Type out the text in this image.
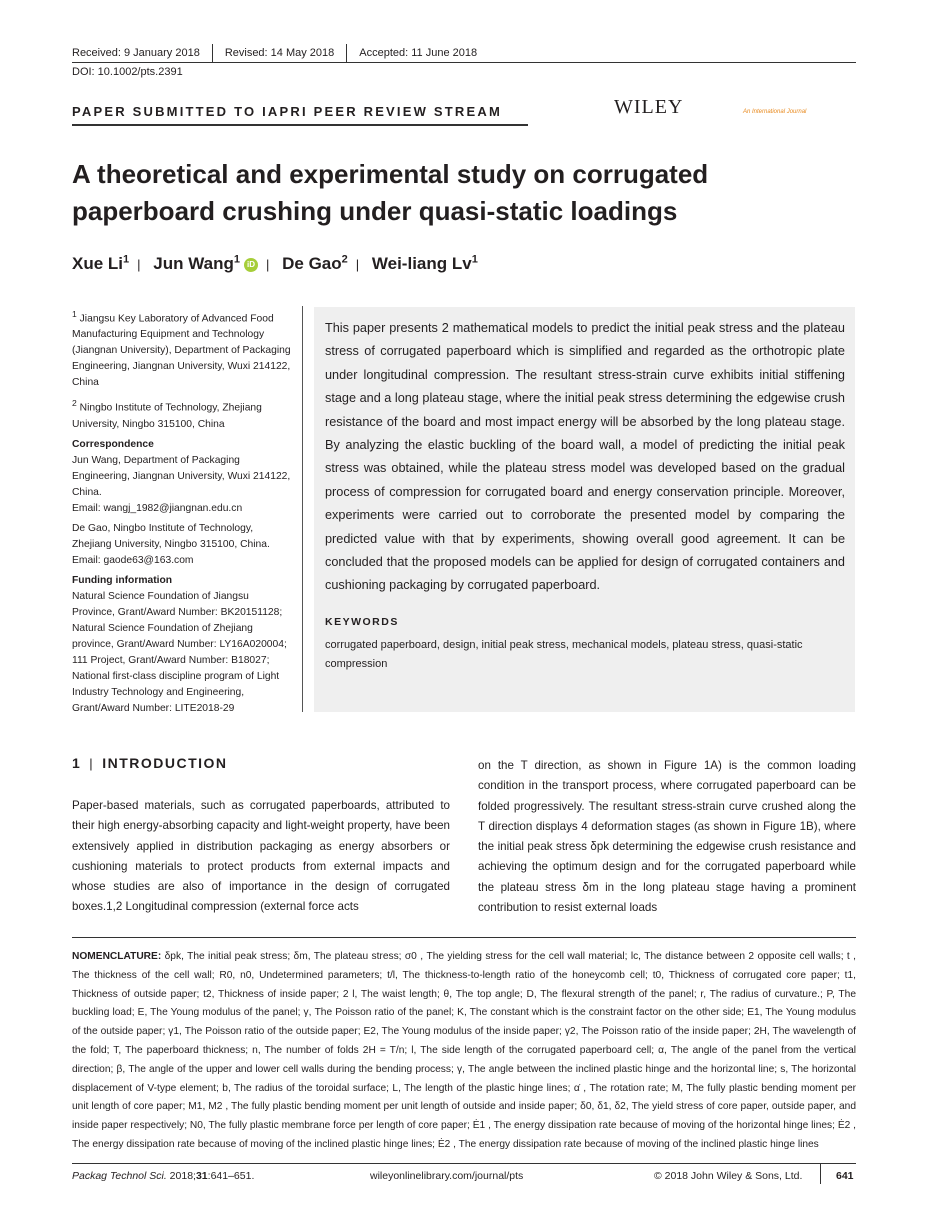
Received: 9 January 2018	Revised: 14 May 2018	Accepted: 11 June 2018
DOI: 10.1002/pts.2391
PAPER SUBMITTED TO IAPRI PEER REVIEW STREAM	WILEY	An International Journal
A theoretical and experimental study on corrugated paperboard crushing under quasi-static loadings
Xue Li$^1$ | Jun Wang$^1$ iD | De Gao$^2$ | Wei-liang Lv$^1$

$^1$ Jiangsu Key Laboratory of Advanced Food Manufacturing Equipment and Technology (Jiangnan University), Department of Packaging Engineering, Jiangnan University, Wuxi 214122, China

$^2$ Ningbo Institute of Technology, Zhejiang University, Ningbo 315100, China

Correspondence

Jun Wang, Department of Packaging Engineering, Jiangnan University, Wuxi 214122, China.

Email: wangj_1982@jiangnan.edu.cn

De Gao, Ningbo Institute of Technology, Zhejiang University, Ningbo 315100, China.

Email: gaode63@163.com

Funding information

Natural Science Foundation of Jiangsu Province, Grant/Award Number: BK20151128; Natural Science Foundation of Zhejiang province, Grant/Award Number: LY16A020004; 111 Project, Grant/Award Number: B18027; National first-class discipline program of Light Industry Technology and Engineering, Grant/Award Number: LITE2018-29

This paper presents 2 mathematical models to predict the initial peak stress and the plateau stress of corrugated paperboard which is simplified and regarded as the orthotropic plate under longitudinal compression. The resultant stress-strain curve exhibits initial stiffening stage and a long plateau stage, where the initial peak stress determining the edgewise crush resistance of the board and most impact energy will be absorbed by the long plateau stage. By analyzing the elastic buckling of the board wall, a model of predicting the initial peak stress was obtained, while the plateau stress model was developed based on the gradual process of compression for corrugated board and energy conservation principle. Moreover, experiments were carried out to corroborate the presented model by comparing the predicted value with that by experiments, showing overall good agreement. It can be concluded that the proposed models can be applied for design of corrugated containers and cushioning packaging by corrugated paperboard.

KEYWORDS
corrugated paperboard, design, initial peak stress, mechanical models, plateau stress, quasi-static compression
1 | INTRODUCTION

Paper-based materials, such as corrugated paperboards, attributed to their high energy-absorbing capacity and light-weight property, have been extensively applied in distribution packaging as energy absorbers or cushioning materials to protect products from external impacts and whose studies are also of importance in the design of corrugated boxes.1,2 Longitudinal compression (external force acts

on the T direction, as shown in Figure 1A) is the common loading condition in the transport process, where corrugated paperboard can be folded progressively. The resultant stress-strain curve crushed along the T direction displays 4 deformation stages (as shown in Figure 1B), where the initial peak stress δpk determining the edgewise crush resistance and achieving the optimum design and for the corrugated paperboard while the plateau stress δm in the long plateau stage having a prominent contribution to resist external loads

NOMENCLATURE: δpk, The initial peak stress; δm, The plateau stress; σ0 , The yielding stress for the cell wall material; lc, The distance between 2 opposite cell walls; t , The thickness of the cell wall; R0, n0, Undetermined parameters; t/l, The thickness-to-length ratio of the honeycomb cell; t0, Thickness of corrugated core paper; t1, Thickness of outside paper; t2, Thickness of inside paper; 2 l, The waist length; θ, The top angle; D, The flexural strength of the panel; r, The radius of curvature.; P, The buckling load; E, The Young modulus of the panel; γ, The Poisson ratio of the panel; K, The constant which is the constraint factor on the other side; E1, The Young modulus of the outside paper; γ1, The Poisson ratio of the outside paper; E2, The Young modulus of the inside paper; γ2, The Poisson ratio of the inside paper; 2H, The wavelength of the fold; T, The paperboard thickness; n, The number of folds 2H = T/n; l, The side length of the corrugated paperboard cell; α, The angle of the panel from the vertical direction; β, The angle of the upper and lower cell walls during the bending process; γ, The angle between the inclined plastic hinge and the horizontal line; s, The horizontal displacement of V-type element; b, The radius of the toroidal surface; L, The length of the plastic hinge lines; α̇ , The rotation rate; M, The fully plastic bending moment per unit length of core paper; M1, M2 , The fully plastic bending moment per unit length of outside and inside paper; δ0, δ1, δ2, The yield stress of core paper, outside paper, and inside paper respectively; N0, The fully plastic membrane force per length of core paper; Ė1 , The energy dissipation rate because of moving of the horizontal hinge lines; Ė2 , The energy dissipation rate because of moving of the inclined plastic hinge lines; Ė2 , The energy dissipation rate because of moving of the inclined plastic hinge lines
Packag Technol Sci. 2018;31:641–651.	wileyonlinelibrary.com/journal/pts	© 2018 John Wiley & Sons, Ltd.	641
